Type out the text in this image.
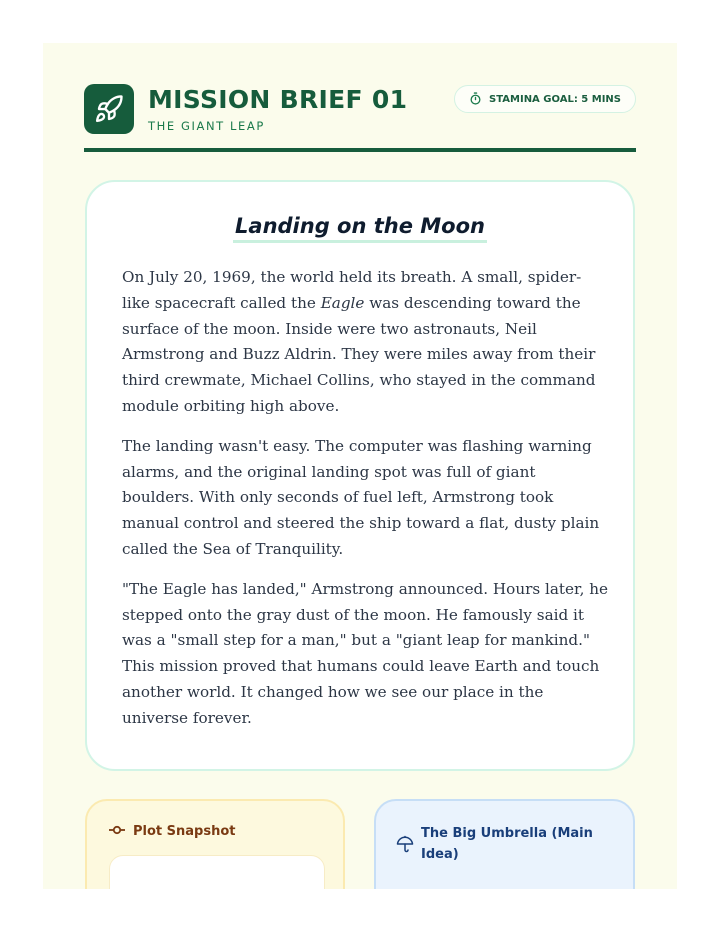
MISSION BRIEF 01
THE GIANT LEAP
STAMINA GOAL: 5 MINS
Landing on the Moon

On July 20, 1969, the world held its breath. A small, spider-like spacecraft called the Eagle was descending toward the surface of the moon. Inside were two astronauts, Neil Armstrong and Buzz Aldrin. They were miles away from their third crewmate, Michael Collins, who stayed in the command module orbiting high above.

The landing wasn't easy. The computer was flashing warning alarms, and the original landing spot was full of giant boulders. With only seconds of fuel left, Armstrong took manual control and steered the ship toward a flat, dusty plain called the Sea of Tranquility.

"The Eagle has landed," Armstrong announced. Hours later, he stepped onto the gray dust of the moon. He famously said it was a "small step for a man," but a "giant leap for mankind." This mission proved that humans could leave Earth and touch another world. It changed how we see our place in the universe forever.

Plot Snapshot	The Big Umbrella (Main Idea)
